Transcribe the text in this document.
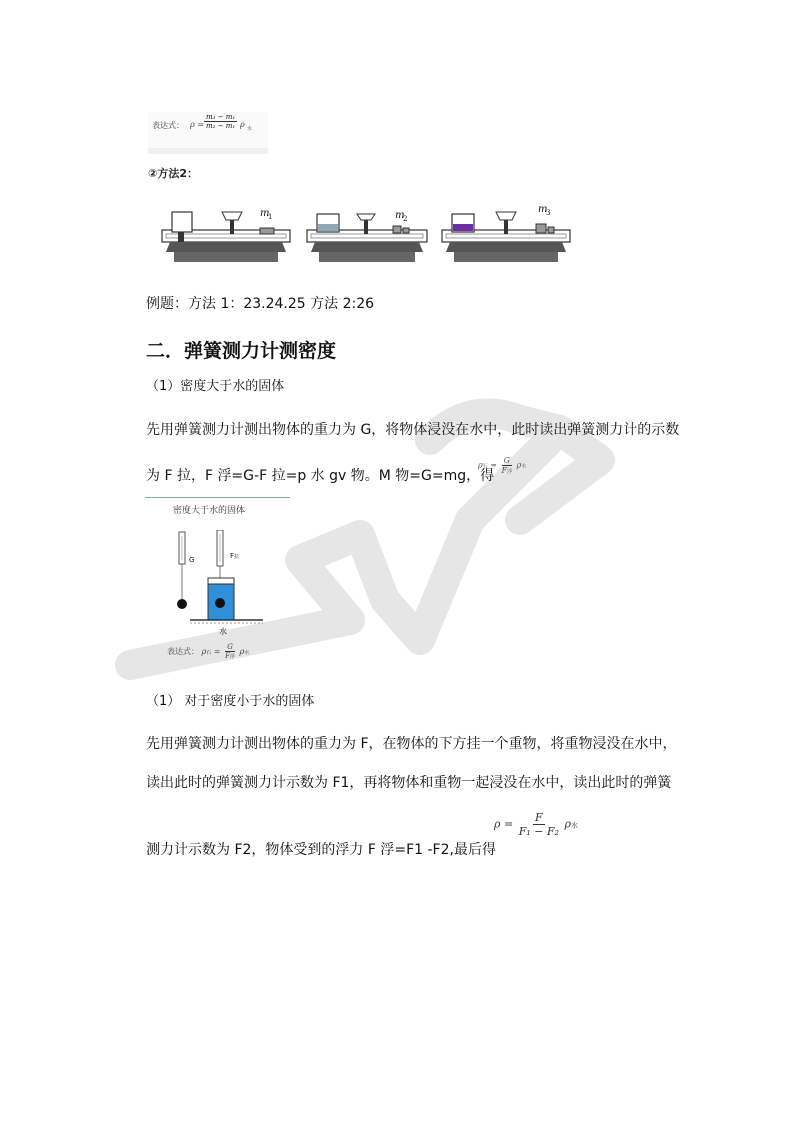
表达式： $\rho = \frac{\text{m₃ − m₁}}{\text{m₂ − m₁}}$ ρ 水
②方法2：
m
1	m
2
m
3
例题：方法 1：23.24.25 方法 2:26
二．弹簧测力计测密度
（1）密度大于水的固体
先用弹簧测力计测出物体的重力为 G，将物体浸没在水中，此时读出弹簧测力计的示数
为 F 拉，F 浮=G-F 拉=p 水 gv 物。M 物=G=mg，得
ρ石 = $\frac{G}{\text{F浮}}$ ρ水
密度大于水的固体
G	F拉
水
表达式： ρ石 = $\frac{G}{\text{F浮}}$ ρ水
（1） 对于密度小于水的固体
先用弹簧测力计测出物体的重力为 F，在物体的下方挂一个重物，将重物浸没在水中，
读出此时的弹簧测力计示数为 F1，再将物体和重物一起浸没在水中，读出此时的弹簧
测力计示数为 F2，物体受到的浮力 F 浮=F1 -F2,最后得
$\rho = \frac{F}{\text{F₁ − F₂}}$ ρ水
